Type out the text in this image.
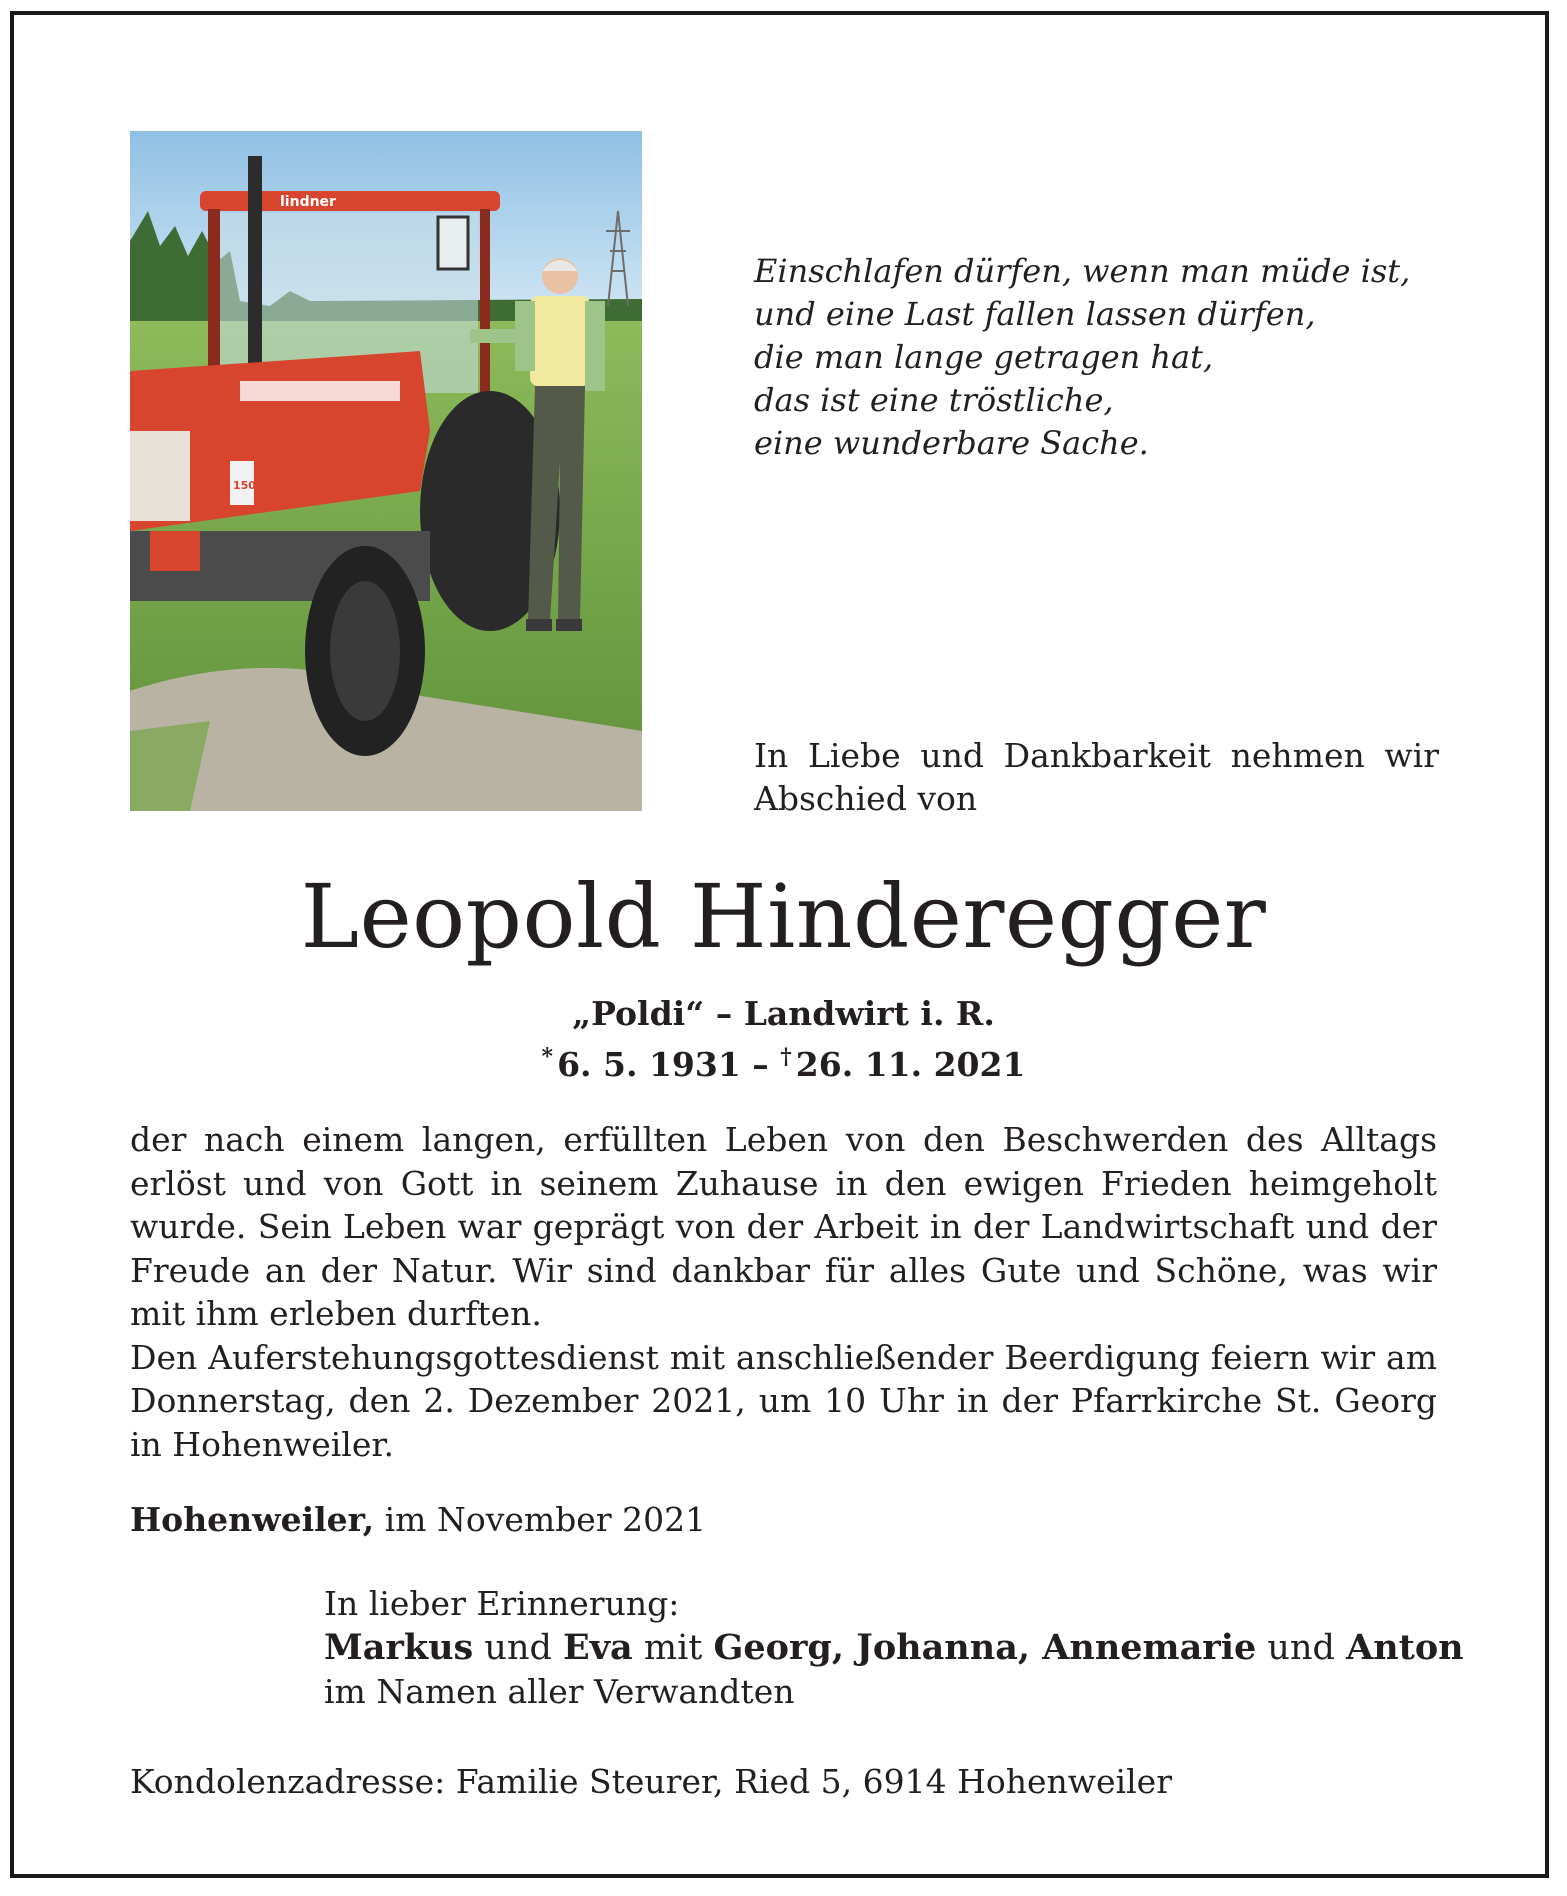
lindner
1500
Einschlafen dürfen, wenn man müde ist,
und eine Last fallen lassen dürfen,
die man lange getragen hat,
das ist eine tröstliche,
eine wunderbare Sache.
In Liebe und Dankbarkeit nehmen wir Abschied von
Leopold Hinderegger
„Poldi“ – Landwirt i. R.
* 6. 5. 1931 – † 26. 11. 2021

der nach einem langen, erfüllten Leben von den Beschwerden des Alltags erlöst und von Gott in seinem Zuhause in den ewigen Frieden heimgeholt wurde. Sein Leben war geprägt von der Arbeit in der Landwirtschaft und der Freude an der Natur. Wir sind dankbar für alles Gute und Schöne, was wir mit ihm erleben durften.

Den Auferstehungsgottesdienst mit anschließender Beerdigung feiern wir am Donnerstag, den 2. Dezember 2021, um 10 Uhr in der Pfarrkirche St. Georg in Hohenweiler.

Hohenweiler, im November 2021
In lieber Erinnerung:
Markus und Eva mit Georg, Johanna, Annemarie und Anton
im Namen aller Verwandten
Kondolenzadresse: Familie Steurer, Ried 5, 6914 Hohenweiler
